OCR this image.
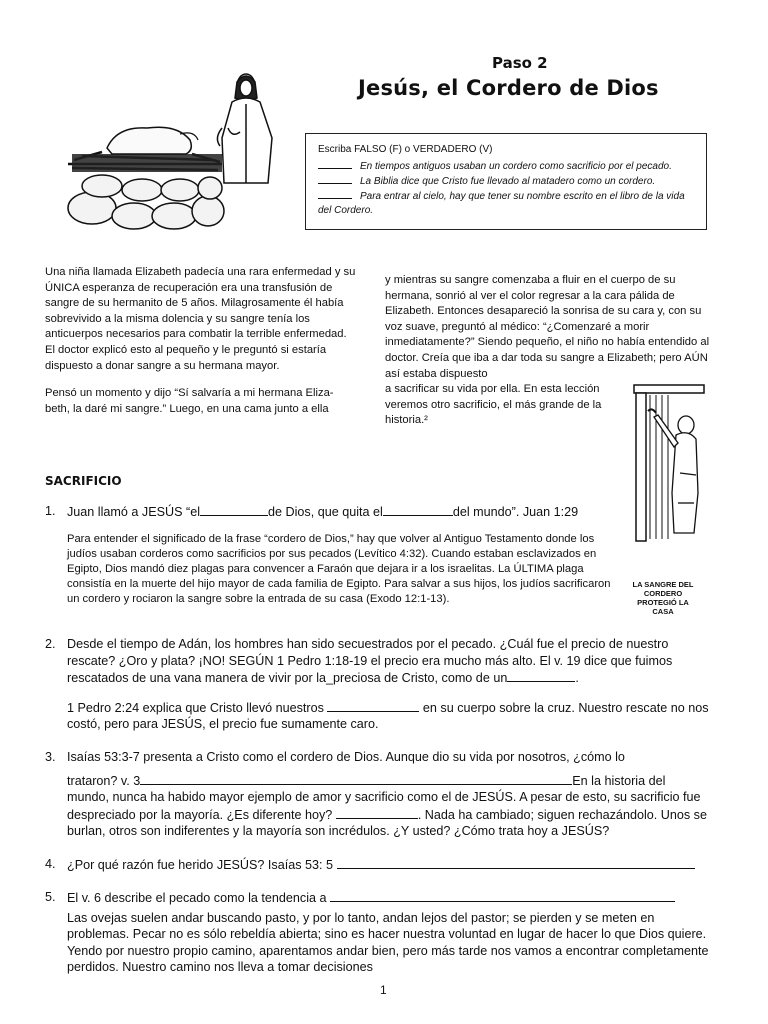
Paso 2
Jesús, el Cordero de Dios
Escriba FALSO (F) o VERDADERO (V)
En tiempos antiguos usaban un cordero como sacrificio por el pecado.
La Biblia dice que Cristo fue llevado al matadero como un cordero.
Para entrar al cielo, hay que tener su nombre escrito en el libro de la vida del Cordero.

Una niña llamada Elizabeth padecía una rara enfermedad y su ÚNICA esperanza de recuperación era una transfusión de sangre de su hermanito de 5 años. Milagrosamente él había sobrevivido a la misma dolencia y su sangre tenía los anticuerpos necesarios para combatir la terrible enfermedad. El doctor explicó esto al pequeño y le preguntó si estaría dispuesto a donar sangre a su hermana mayor.

Pensó un momento y dijo “Sí salvaría a mi hermana Eliza- beth, la daré mi sangre.” Luego, en una cama junto a ella

y mientras su sangre comenzaba a fluir en el cuerpo de su hermana, sonrió al ver el color regresar a la cara pálida de Elizabeth. Entonces desapareció la sonrisa de su cara y, con su voz suave, preguntó al médico: “¿Comenzaré a morir inmediatamente?” Siendo pequeño, el niño no había entendido al doctor. Creía que iba a dar toda su sangre a Elizabeth; pero AÚN así estaba dispuesto
a sacrificar su vida por ella. En esta lección veremos otro sacrificio, el más grande de la historia.²
LA SANGRE DEL CORDERO PROTEGIÓ LA CASA
SACRIFICIO
1. Juan llamó a JESÚS “el	de Dios, que quita el	del mundo”. Juan 1:29
Para entender el significado de la frase “cordero de Dios,” hay que volver al Antiguo Testamento donde los judíos usaban corderos como sacrificios por sus pecados (Levítico 4:32). Cuando estaban esclavizados en Egipto, Dios mandó diez plagas para convencer a Faraón que dejara ir a los israelitas. La ÚLTIMA plaga consistía en la muerte del hijo mayor de cada familia de Egipto. Para salvar a sus hijos, los judíos sacrificaron un cordero y rociaron la sangre sobre la entrada de su casa (Exodo 12:1-13).
2. Desde el tiempo de Adán, los hombres han sido secuestrados por el pecado. ¿Cuál fue el precio de nuestro rescate? ¿Oro y plata? ¡NO! SEGÚN 1 Pedro 1:18-19 el precio era mucho más alto. El v. 19 dice que fuimos rescatados de una vana manera de vivir por la_preciosa de Cristo, como de un	.
1 Pedro 2:24 explica que Cristo llevó nuestros	en su cuerpo sobre la cruz. Nuestro rescate no nos costó, pero para JESÚS, el precio fue sumamente caro.
3. Isaías 53:3-7 presenta a Cristo como el cordero de Dios. Aunque dio su vida por nosotros, ¿cómo lo
trataron? v. 3	En la historia del
mundo, nunca ha habido mayor ejemplo de amor y sacrificio como el de JESÚS. A pesar de esto, su sacrificio fue despreciado por la mayoría. ¿Es diferente hoy?	. Nada ha cambiado; siguen rechazándolo. Unos se burlan, otros son indiferentes y la mayoría son incrédulos. ¿Y usted? ¿Cómo trata hoy a JESÚS?
4. ¿Por qué razón fue herido JESÚS? Isaías 53: 5
5. El v. 6 describe el pecado como la tendencia a
Las ovejas suelen andar buscando pasto, y por lo tanto, andan lejos del pastor; se pierden y se meten en problemas. Pecar no es sólo rebeldía abierta; sino es hacer nuestra voluntad en lugar de hacer lo que Dios quiere. Yendo por nuestro propio camino, aparentamos andar bien, pero más tarde nos vamos a encontrar completamente perdidos. Nuestro camino nos lleva a tomar decisiones
1
